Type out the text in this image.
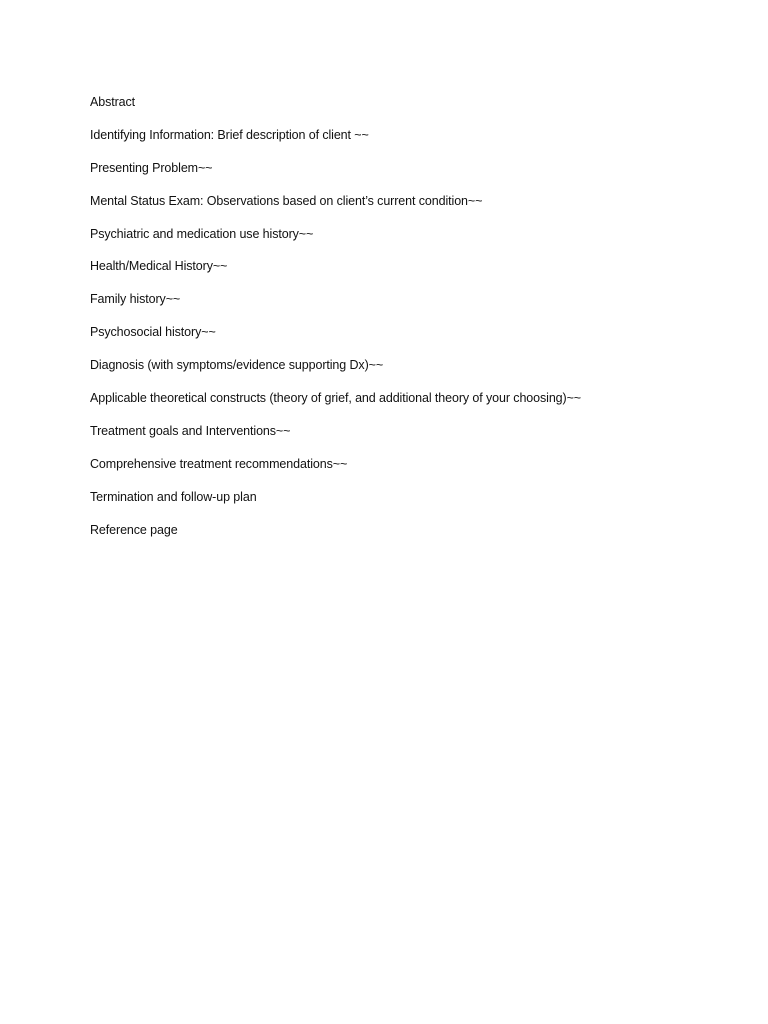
Abstract
Identifying Information: Brief description of client ~~
Presenting Problem~~
Mental Status Exam: Observations based on client’s current condition~~
Psychiatric and medication use history~~
Health/Medical History~~
Family history~~
Psychosocial history~~
Diagnosis (with symptoms/evidence supporting Dx)~~
Applicable theoretical constructs (theory of grief, and additional theory of your choosing)~~
Treatment goals and Interventions~~
Comprehensive treatment recommendations~~
Termination and follow-up plan
Reference page
